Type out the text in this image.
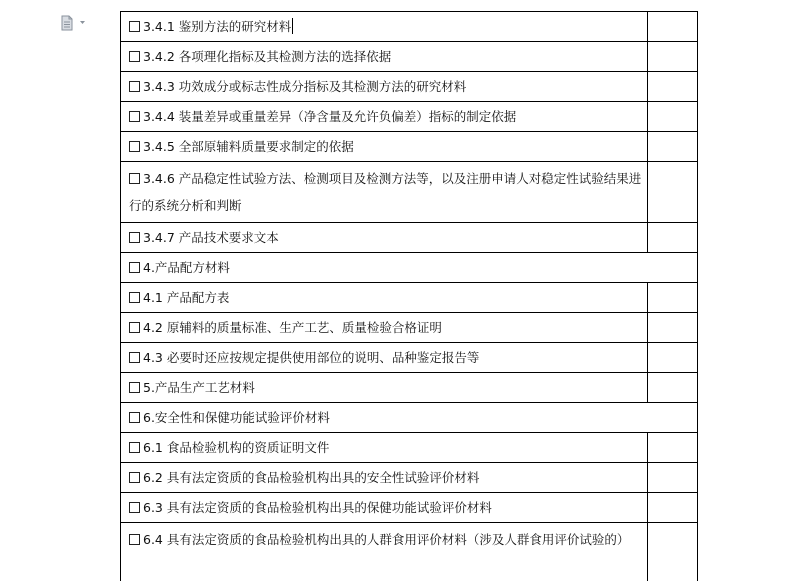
3.4.1 鉴别方法的研究材料	
3.4.2 各项理化指标及其检测方法的选择依据	
3.4.3 功效成分或标志性成分指标及其检测方法的研究材料	
3.4.4 装量差异或重量差异（净含量及允许负偏差）指标的制定依据	
3.4.5 全部原辅料质量要求制定的依据	
3.4.6 产品稳定性试验方法、检测项目及检测方法等，以及注册申请人对稳定性试验结果进行的系统分析和判断	
3.4.7 产品技术要求文本	
4.产品配方材料	
4.1 产品配方表	
4.2 原辅料的质量标准、生产工艺、质量检验合格证明	
4.3 必要时还应按规定提供使用部位的说明、品种鉴定报告等	
5.产品生产工艺材料	
6.安全性和保健功能试验评价材料	
6.1 食品检验机构的资质证明文件	
6.2 具有法定资质的食品检验机构出具的安全性试验评价材料	
6.3 具有法定资质的食品检验机构出具的保健功能试验评价材料	
6.4 具有法定资质的食品检验机构出具的人群食用评价材料（涉及人群食用评价试验的）	
